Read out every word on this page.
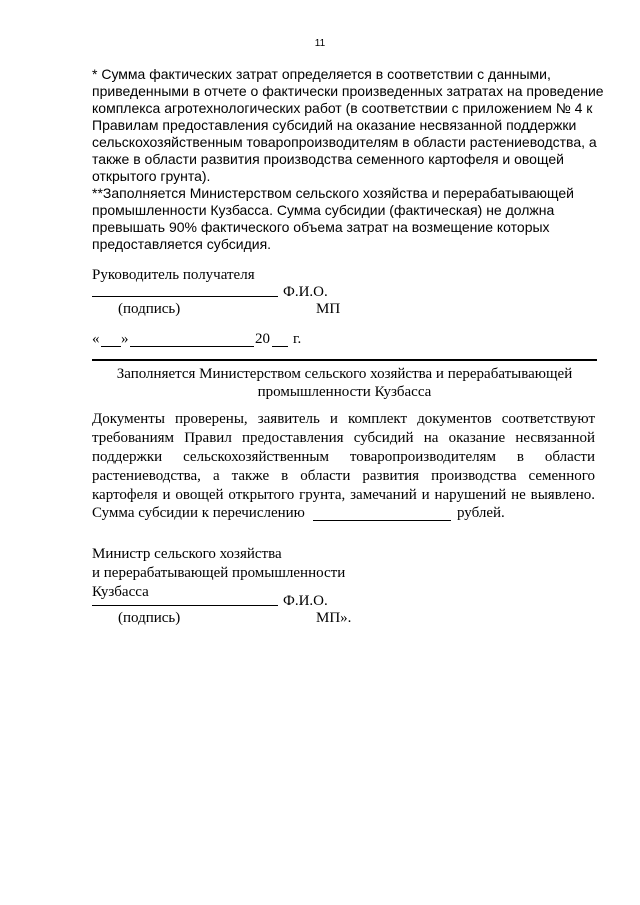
11
* Сумма фактических затрат определяется в соответствии с данными,
приведенными в отчете о фактически произведенных затратах на проведение
комплекса агротехнологических работ (в соответствии с приложением № 4 к
Правилам предоставления субсидий на оказание несвязанной поддержки
сельскохозяйственным товаропроизводителям в области растениеводства, а
также в области развития производства семенного картофеля и овощей
открытого грунта).
**Заполняется Министерством сельского хозяйства и перерабатывающей
промышленности Кузбасса. Сумма субсидии (фактическая) не должна
превышать 90% фактического объема затрат на возмещение которых
предоставляется субсидия.
Руководитель получателя
Ф.И.О.
(подпись)	МП
« »	20 г.
Заполняется Министерством сельского хозяйства и перерабатывающей
промышленности Кузбасса
Документы проверены, заявитель и комплект документов соответствуют
требованиям Правил предоставления субсидий на оказание несвязанной
поддержки сельскохозяйственным товаропроизводителям в области
растениеводства, а также в области развития производства семенного
картофеля и овощей открытого грунта, замечаний и нарушений не выявлено.
Сумма субсидии к перечислению	рублей.
Министр сельского хозяйства
и перерабатывающей промышленности
Кузбасса
Ф.И.О.
(подпись)	МП».
